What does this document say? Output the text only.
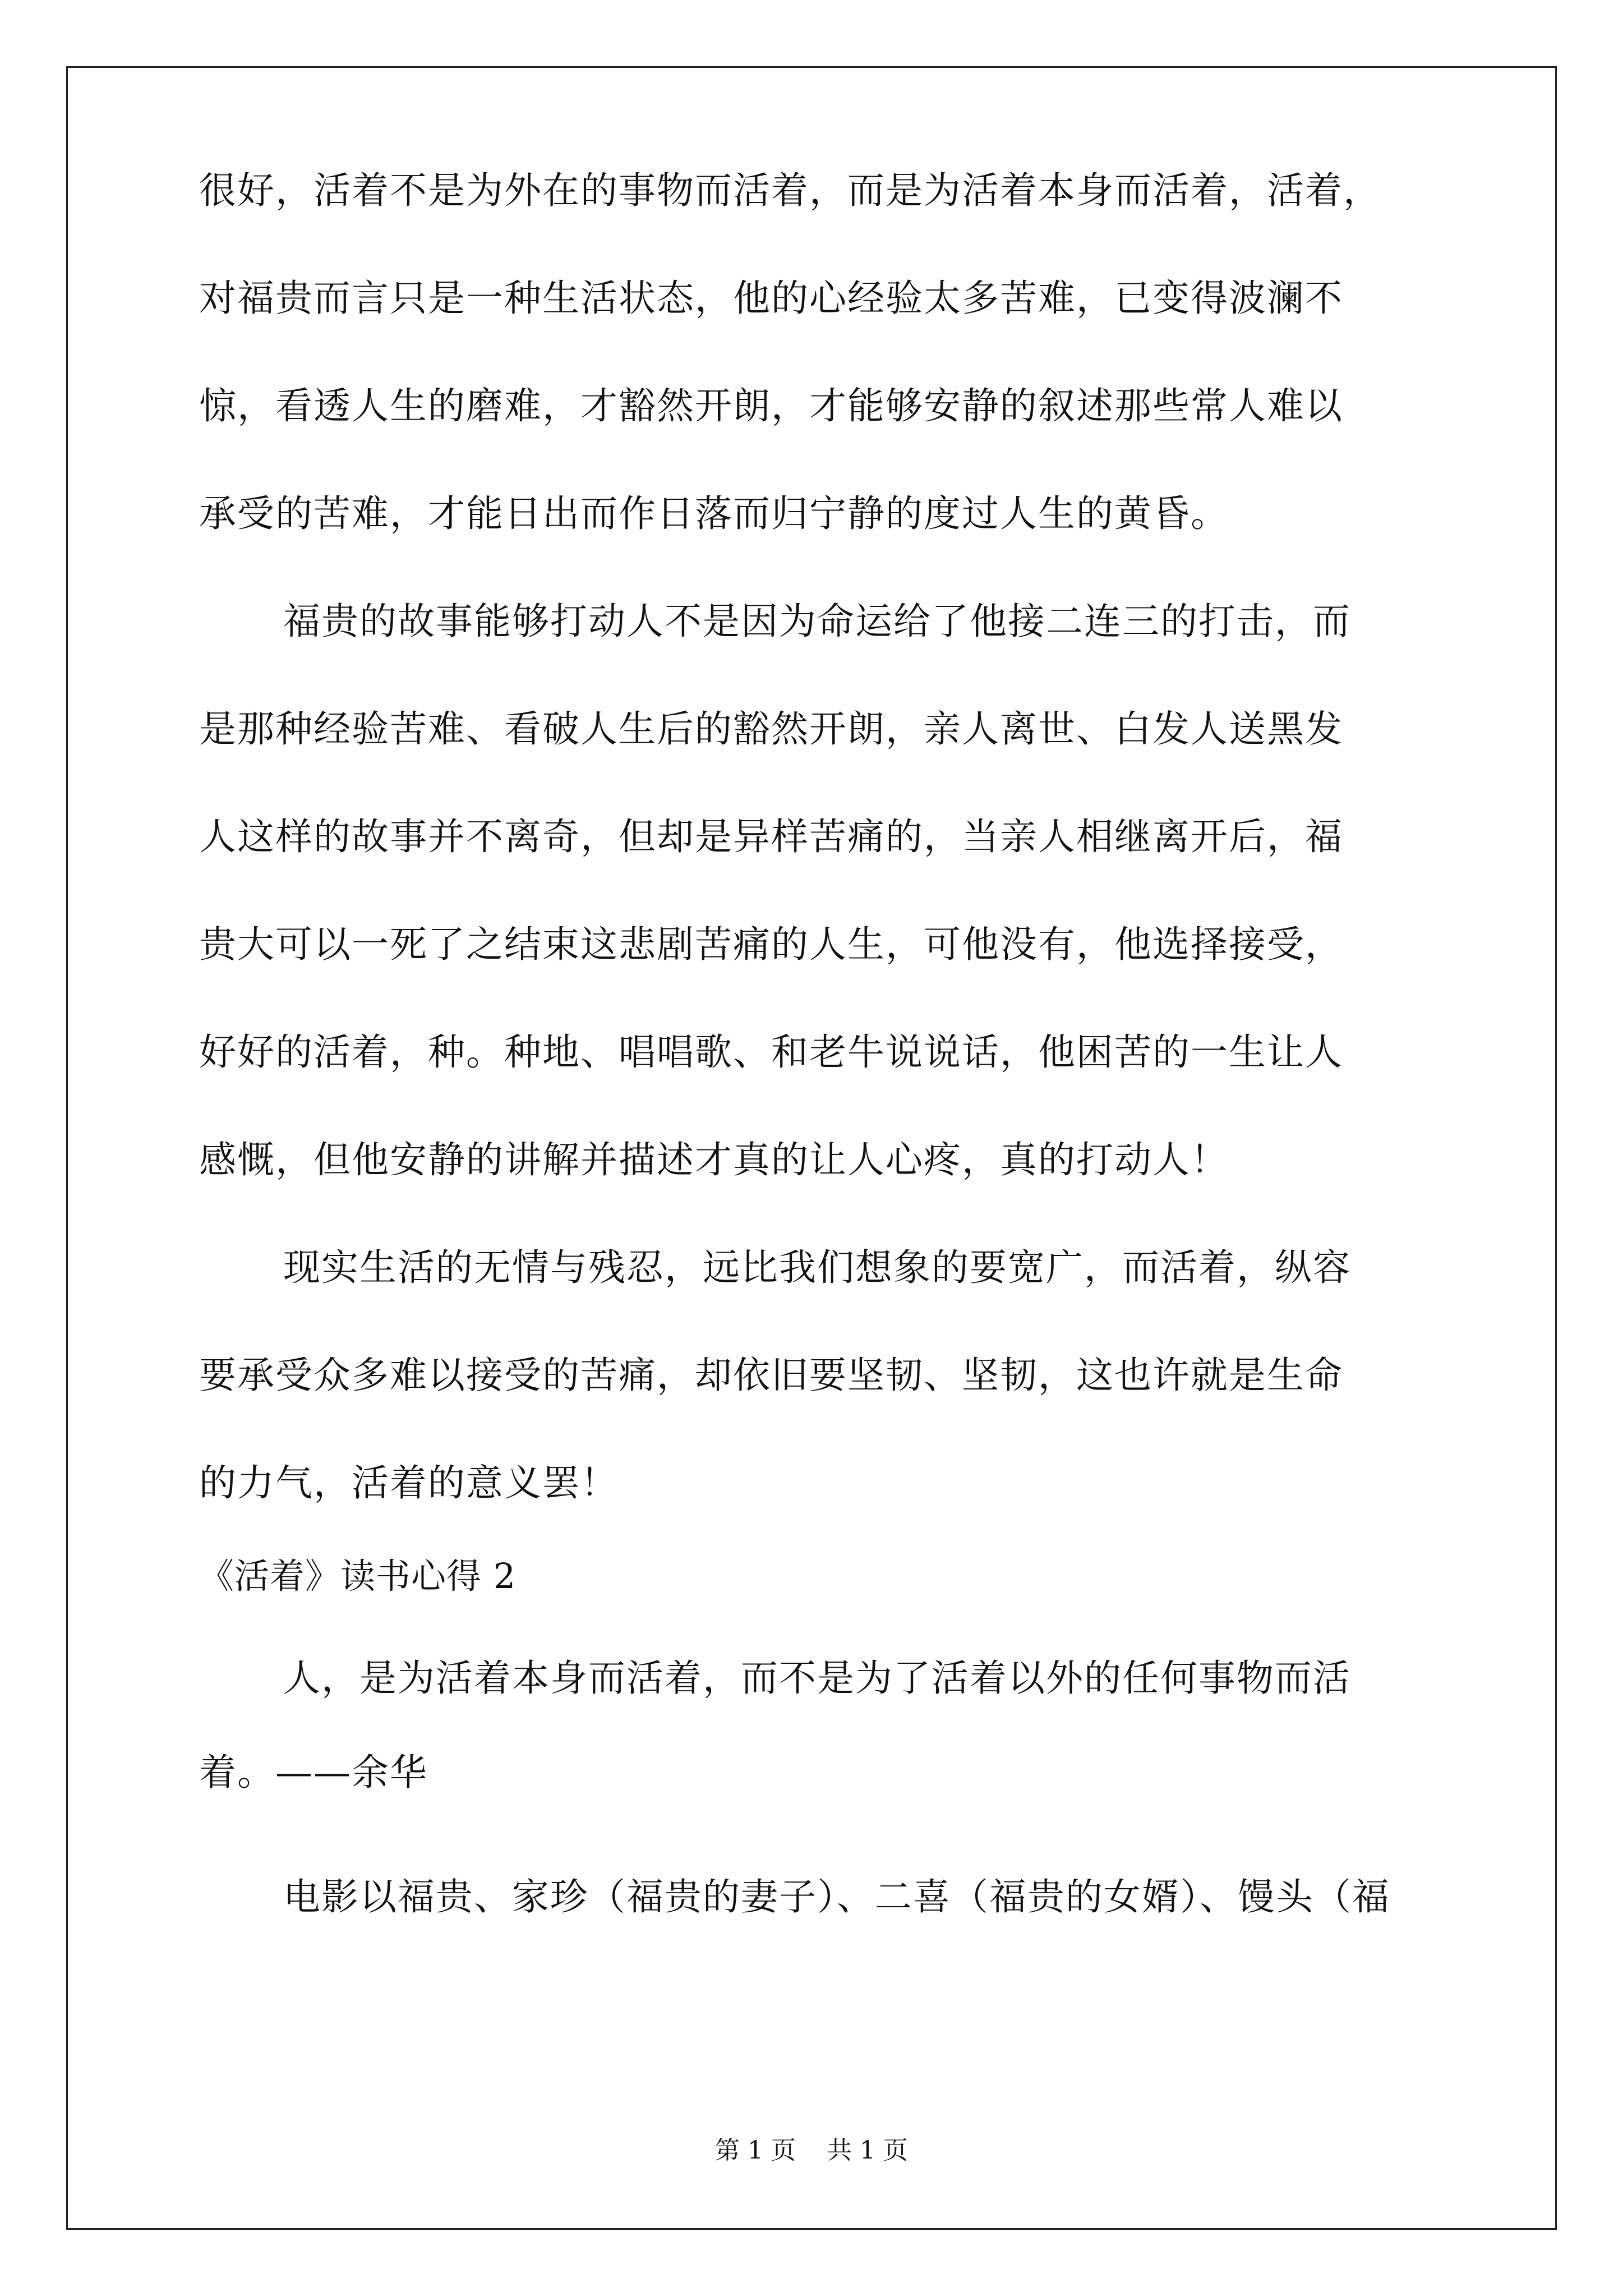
很好，活着不是为外在的事物而活着，而是为活着本身而活着，活着，
对福贵而言只是一种生活状态，他的心经验太多苦难，已变得波澜不
惊，看透人生的磨难，才豁然开朗，才能够安静的叙述那些常人难以
承受的苦难，才能日出而作日落而归宁静的度过人生的黄昏。
福贵的故事能够打动人不是因为命运给了他接二连三的打击，而
是那种经验苦难、看破人生后的豁然开朗，亲人离世、白发人送黑发
人这样的故事并不离奇，但却是异样苦痛的，当亲人相继离开后，福
贵大可以一死了之结束这悲剧苦痛的人生，可他没有，他选择接受，
好好的活着，种。种地、唱唱歌、和老牛说说话，他困苦的一生让人
感慨，但他安静的讲解并描述才真的让人心疼，真的打动人！
现实生活的无情与残忍，远比我们想象的要宽广，而活着，纵容
要承受众多难以接受的苦痛，却依旧要坚韧、坚韧，这也许就是生命
的力气，活着的意义罢！
《活着》读书心得 2
人，是为活着本身而活着，而不是为了活着以外的任何事物而活
着。——余华
电影以福贵、家珍（福贵的妻子）、二喜（福贵的女婿）、馒头（福
第 1 页    共 1 页
